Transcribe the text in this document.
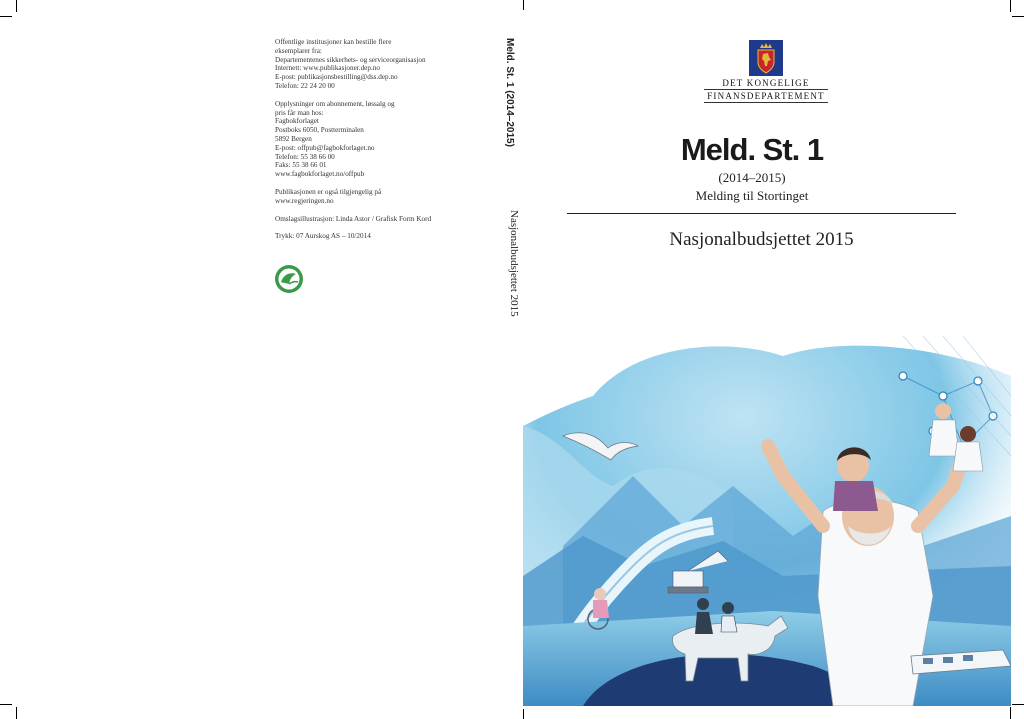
Offentlige institusjoner kan bestille flere
eksemplarer fra:
Departementenes sikkerhets- og serviceorganisasjon
Internett: www.publikasjoner.dep.no
E-post: publikasjonsbestilling@dss.dep.no
Telefon: 22 24 20 00
Opplysninger om abonnement, løssalg og
pris får man hos:
Fagbokforlaget
Postboks 6050, Postterminalen
5892 Bergen
E-post: offpub@fagbokforlaget.no
Telefon: 55 38 66 00
Faks: 55 38 66 01
www.fagbokforlaget.no/offpub
Publikasjonen er også tilgjengelig på
www.regjeringen.no
Omslagsillustrasjon: Linda Astor / Grafisk Form Kord
Trykk: 07 Aurskog AS – 10/2014
Meld. St. 1 (2014–2015)
Nasjonalbudsjettet 2015
DET KONGELIGE
FINANSDEPARTEMENT
Meld. St. 1
(2014–2015)
Melding til Stortinget
Nasjonalbudsjettet 2015
